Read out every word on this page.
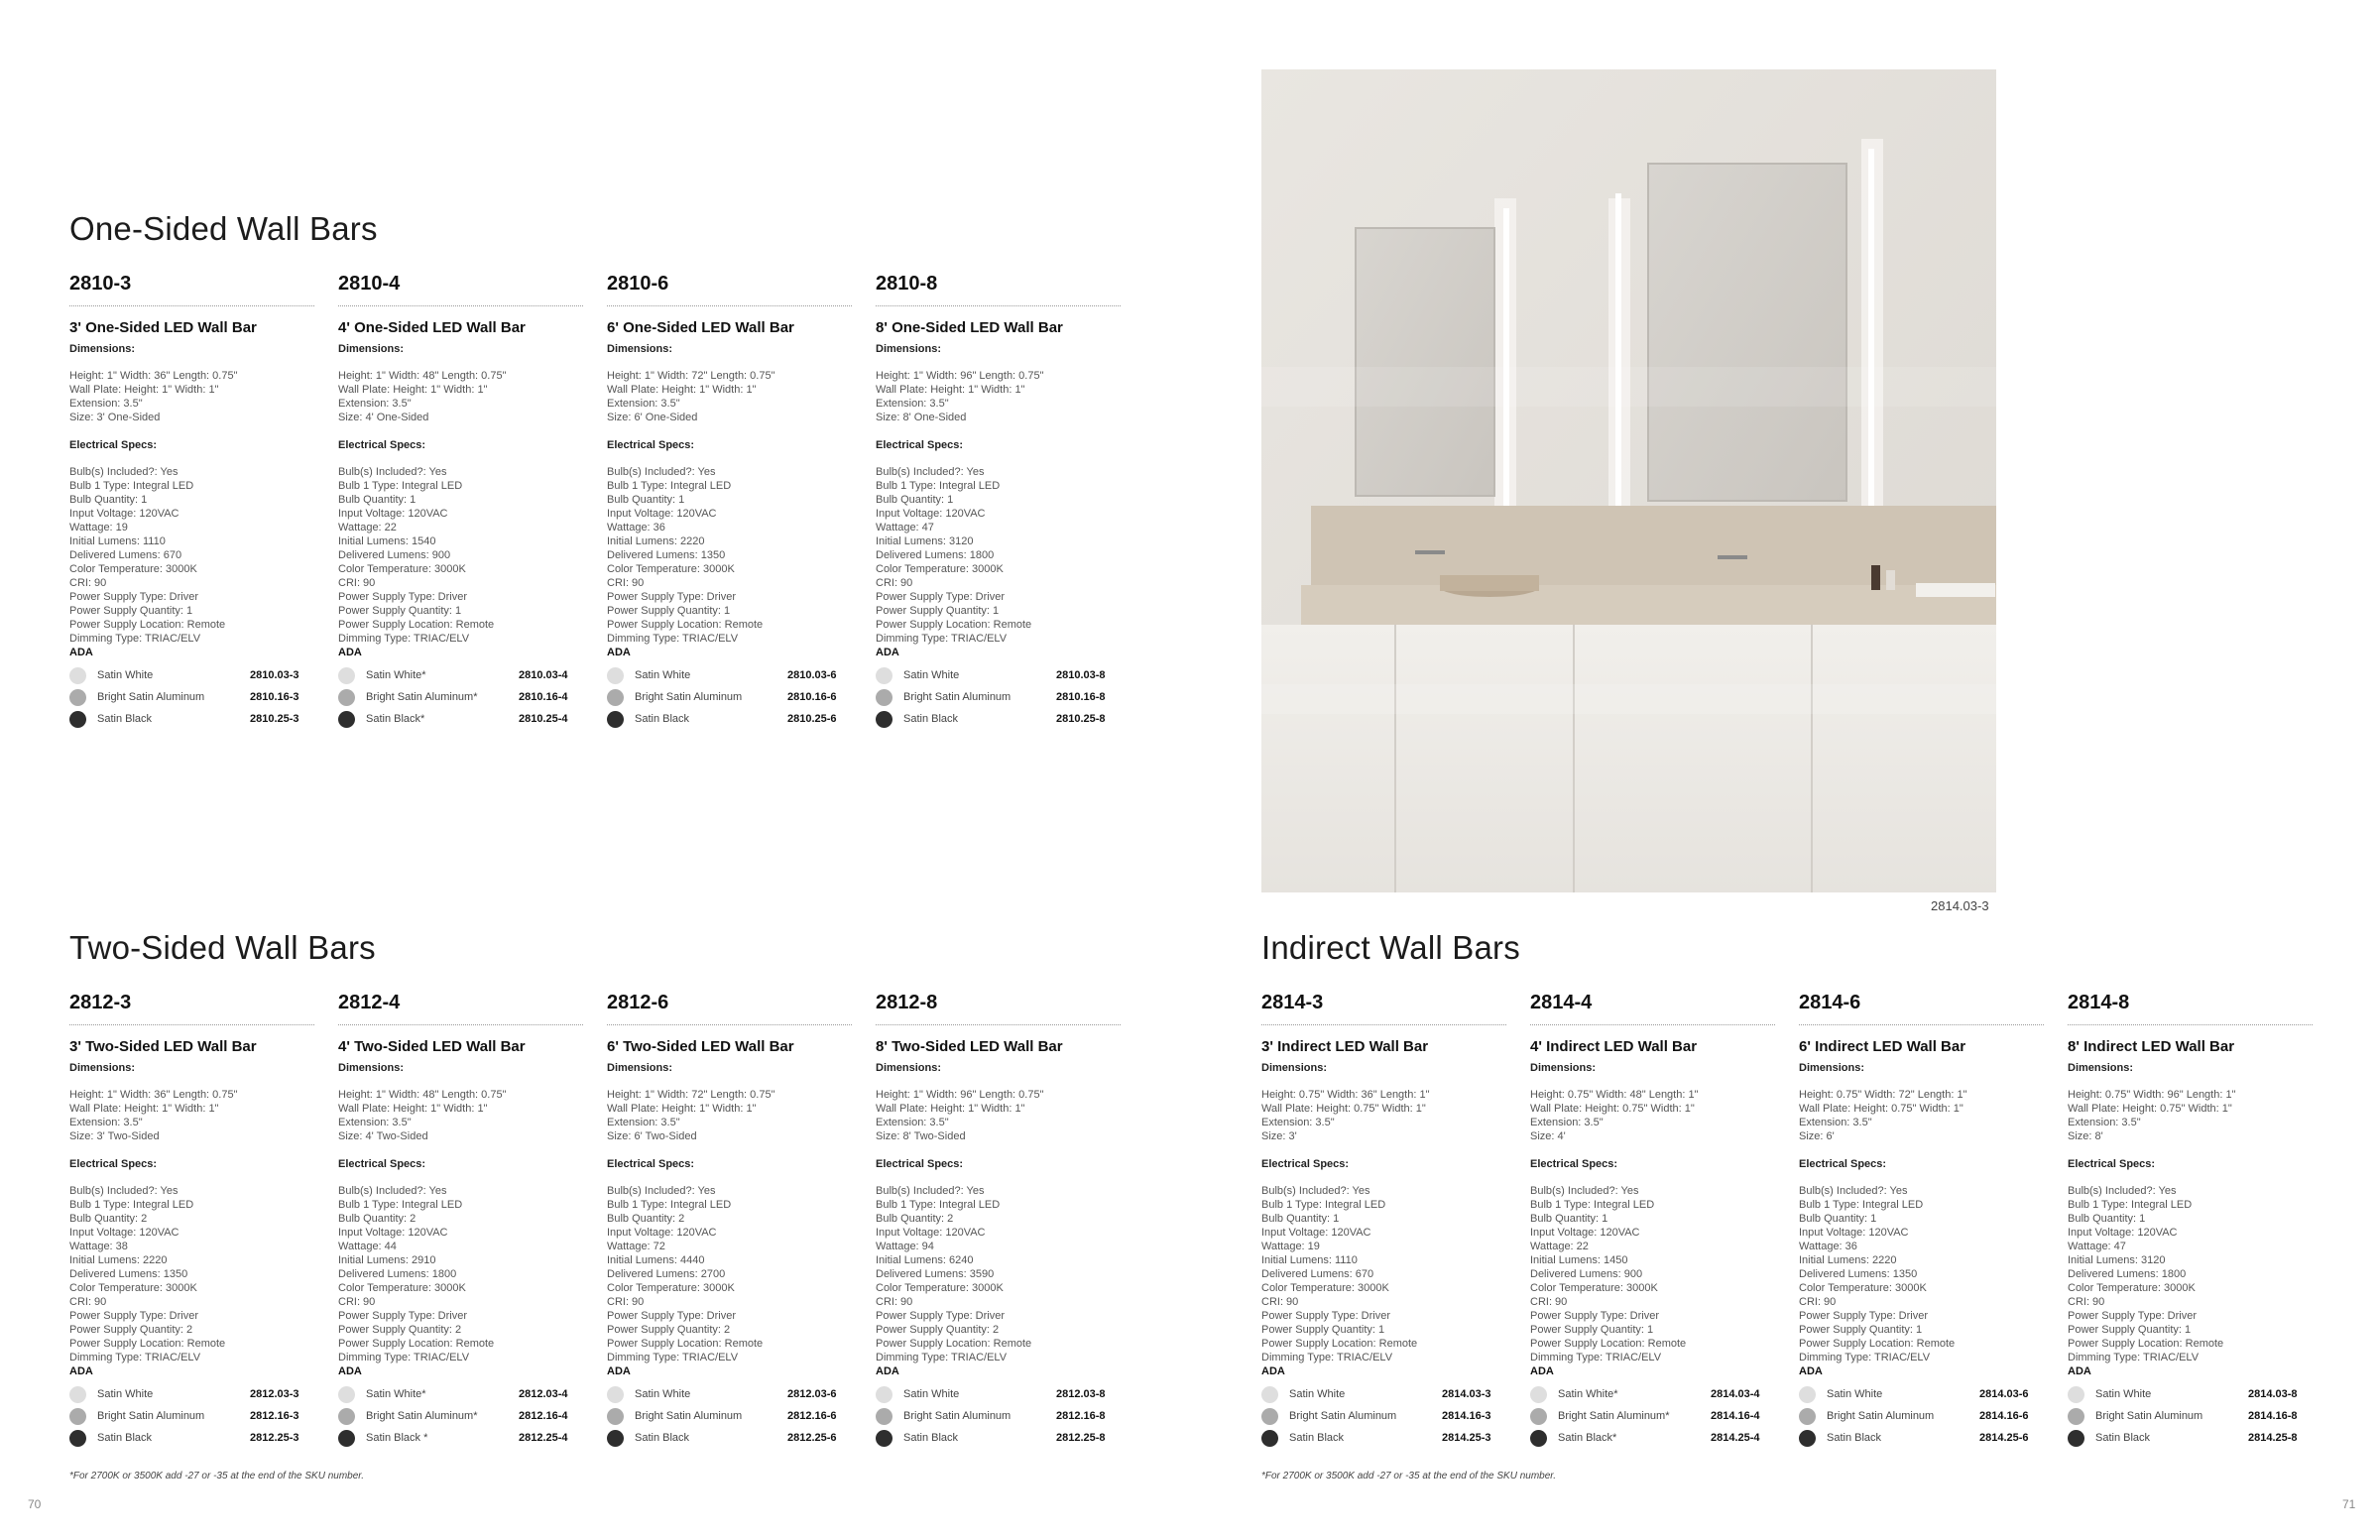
One-Sided Wall Bars
Two-Sided Wall Bars	Indirect Wall Bars
2810-3
3' One-Sided LED Wall Bar
Dimensions:

Height: 1" Width: 36" Length: 0.75"

Wall Plate: Height: 1" Width: 1"

Extension: 3.5"

Size: 3' One-Sided

Electrical Specs:

Bulb(s) Included?: Yes

Bulb 1 Type: Integral LED

Bulb Quantity: 1

Input Voltage: 120VAC

Wattage: 19

Initial Lumens: 1110

Delivered Lumens: 670

Color Temperature: 3000K

CRI: 90

Power Supply Type: Driver

Power Supply Quantity: 1

Power Supply Location: Remote

Dimming Type: TRIAC/ELV

ADA
Satin White	2810.03-3
Bright Satin Aluminum	2810.16-3
Satin Black	2810.25-3
2810-4
4' One-Sided LED Wall Bar
Dimensions:

Height: 1" Width: 48" Length: 0.75"

Wall Plate: Height: 1" Width: 1"

Extension: 3.5"

Size: 4' One-Sided

Electrical Specs:

Bulb(s) Included?: Yes

Bulb 1 Type: Integral LED

Bulb Quantity: 1

Input Voltage: 120VAC

Wattage: 22

Initial Lumens: 1540

Delivered Lumens: 900

Color Temperature: 3000K

CRI: 90

Power Supply Type: Driver

Power Supply Quantity: 1

Power Supply Location: Remote

Dimming Type: TRIAC/ELV

ADA
Satin White*	2810.03-4
Bright Satin Aluminum*	2810.16-4
Satin Black*	2810.25-4
2810-6
6' One-Sided LED Wall Bar
Dimensions:

Height: 1" Width: 72" Length: 0.75"

Wall Plate: Height: 1" Width: 1"

Extension: 3.5"

Size: 6' One-Sided

Electrical Specs:

Bulb(s) Included?: Yes

Bulb 1 Type: Integral LED

Bulb Quantity: 1

Input Voltage: 120VAC

Wattage: 36

Initial Lumens: 2220

Delivered Lumens: 1350

Color Temperature: 3000K

CRI: 90

Power Supply Type: Driver

Power Supply Quantity: 1

Power Supply Location: Remote

Dimming Type: TRIAC/ELV

ADA
Satin White	2810.03-6
Bright Satin Aluminum	2810.16-6
Satin Black	2810.25-6
2810-8
8' One-Sided LED Wall Bar
Dimensions:

Height: 1" Width: 96" Length: 0.75"

Wall Plate: Height: 1" Width: 1"

Extension: 3.5"

Size: 8' One-Sided

Electrical Specs:

Bulb(s) Included?: Yes

Bulb 1 Type: Integral LED

Bulb Quantity: 1

Input Voltage: 120VAC

Wattage: 47

Initial Lumens: 3120

Delivered Lumens: 1800

Color Temperature: 3000K

CRI: 90

Power Supply Type: Driver

Power Supply Quantity: 1

Power Supply Location: Remote

Dimming Type: TRIAC/ELV

ADA
Satin White	2810.03-8
Bright Satin Aluminum	2810.16-8
Satin Black	2810.25-8
2812-3
3' Two-Sided LED Wall Bar
Dimensions:

Height: 1" Width: 36" Length: 0.75"

Wall Plate: Height: 1" Width: 1"

Extension: 3.5"

Size: 3' Two-Sided

Electrical Specs:

Bulb(s) Included?: Yes

Bulb 1 Type: Integral LED

Bulb Quantity: 2

Input Voltage: 120VAC

Wattage: 38

Initial Lumens: 2220

Delivered Lumens: 1350

Color Temperature: 3000K

CRI: 90

Power Supply Type: Driver

Power Supply Quantity: 2

Power Supply Location: Remote

Dimming Type: TRIAC/ELV

ADA
Satin White	2812.03-3
Bright Satin Aluminum	2812.16-3
Satin Black	2812.25-3
2812-4
4' Two-Sided LED Wall Bar
Dimensions:

Height: 1" Width: 48" Length: 0.75"

Wall Plate: Height: 1" Width: 1"

Extension: 3.5"

Size: 4' Two-Sided

Electrical Specs:

Bulb(s) Included?: Yes

Bulb 1 Type: Integral LED

Bulb Quantity: 2

Input Voltage: 120VAC

Wattage: 44

Initial Lumens: 2910

Delivered Lumens: 1800

Color Temperature: 3000K

CRI: 90

Power Supply Type: Driver

Power Supply Quantity: 2

Power Supply Location: Remote

Dimming Type: TRIAC/ELV

ADA
Satin White*	2812.03-4
Bright Satin Aluminum*	2812.16-4
Satin Black *	2812.25-4
2812-6
6' Two-Sided LED Wall Bar
Dimensions:

Height: 1" Width: 72" Length: 0.75"

Wall Plate: Height: 1" Width: 1"

Extension: 3.5"

Size: 6' Two-Sided

Electrical Specs:

Bulb(s) Included?: Yes

Bulb 1 Type: Integral LED

Bulb Quantity: 2

Input Voltage: 120VAC

Wattage: 72

Initial Lumens: 4440

Delivered Lumens: 2700

Color Temperature: 3000K

CRI: 90

Power Supply Type: Driver

Power Supply Quantity: 2

Power Supply Location: Remote

Dimming Type: TRIAC/ELV

ADA
Satin White	2812.03-6
Bright Satin Aluminum	2812.16-6
Satin Black	2812.25-6
2812-8
8' Two-Sided LED Wall Bar
Dimensions:

Height: 1" Width: 96" Length: 0.75"

Wall Plate: Height: 1" Width: 1"

Extension: 3.5"

Size: 8' Two-Sided

Electrical Specs:

Bulb(s) Included?: Yes

Bulb 1 Type: Integral LED

Bulb Quantity: 2

Input Voltage: 120VAC

Wattage: 94

Initial Lumens: 6240

Delivered Lumens: 3590

Color Temperature: 3000K

CRI: 90

Power Supply Type: Driver

Power Supply Quantity: 2

Power Supply Location: Remote

Dimming Type: TRIAC/ELV

ADA
Satin White	2812.03-8
Bright Satin Aluminum	2812.16-8
Satin Black	2812.25-8
2814-3
3' Indirect LED Wall Bar
Dimensions:

Height: 0.75" Width: 36" Length: 1"

Wall Plate: Height: 0.75" Width: 1"

Extension: 3.5"

Size: 3'

Electrical Specs:

Bulb(s) Included?: Yes

Bulb 1 Type: Integral LED

Bulb Quantity: 1

Input Voltage: 120VAC

Wattage: 19

Initial Lumens: 1110

Delivered Lumens: 670

Color Temperature: 3000K

CRI: 90

Power Supply Type: Driver

Power Supply Quantity: 1

Power Supply Location: Remote

Dimming Type: TRIAC/ELV

ADA
Satin White	2814.03-3
Bright Satin Aluminum	2814.16-3
Satin Black	2814.25-3
2814-4
4' Indirect LED Wall Bar
Dimensions:

Height: 0.75" Width: 48" Length: 1"

Wall Plate: Height: 0.75" Width: 1"

Extension: 3.5"

Size: 4'

Electrical Specs:

Bulb(s) Included?: Yes

Bulb 1 Type: Integral LED

Bulb Quantity: 1

Input Voltage: 120VAC

Wattage: 22

Initial Lumens: 1450

Delivered Lumens: 900

Color Temperature: 3000K

CRI: 90

Power Supply Type: Driver

Power Supply Quantity: 1

Power Supply Location: Remote

Dimming Type: TRIAC/ELV

ADA
Satin White*	2814.03-4
Bright Satin Aluminum*	2814.16-4
Satin Black*	2814.25-4
2814-6
6' Indirect LED Wall Bar
Dimensions:

Height: 0.75" Width: 72" Length: 1"

Wall Plate: Height: 0.75" Width: 1"

Extension: 3.5"

Size: 6'

Electrical Specs:

Bulb(s) Included?: Yes

Bulb 1 Type: Integral LED

Bulb Quantity: 1

Input Voltage: 120VAC

Wattage: 36

Initial Lumens: 2220

Delivered Lumens: 1350

Color Temperature: 3000K

CRI: 90

Power Supply Type: Driver

Power Supply Quantity: 1

Power Supply Location: Remote

Dimming Type: TRIAC/ELV

ADA
Satin White	2814.03-6
Bright Satin Aluminum	2814.16-6
Satin Black	2814.25-6
2814-8
8' Indirect LED Wall Bar
Dimensions:

Height: 0.75" Width: 96" Length: 1"

Wall Plate: Height: 0.75" Width: 1"

Extension: 3.5"

Size: 8'

Electrical Specs:

Bulb(s) Included?: Yes

Bulb 1 Type: Integral LED

Bulb Quantity: 1

Input Voltage: 120VAC

Wattage: 47

Initial Lumens: 3120

Delivered Lumens: 1800

Color Temperature: 3000K

CRI: 90

Power Supply Type: Driver

Power Supply Quantity: 1

Power Supply Location: Remote

Dimming Type: TRIAC/ELV

ADA
Satin White	2814.03-8
Bright Satin Aluminum	2814.16-8
Satin Black	2814.25-8
2814.03-3
*For 2700K or 3500K add -27 or -35 at the end of the SKU number.	*For 2700K or 3500K add -27 or -35 at the end of the SKU number.
70	71
